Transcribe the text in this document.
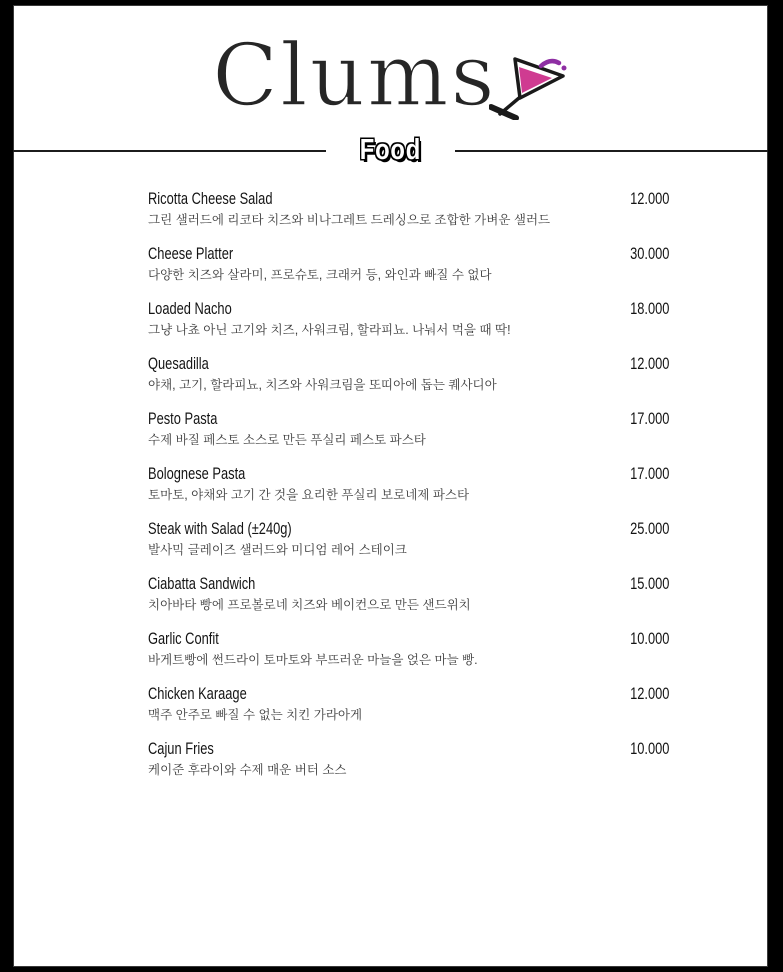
Clums
Food
Ricotta Cheese Salad	12.000
그린 샐러드에 리코타 치즈와 비나그레트 드레싱으로 조합한 가벼운 샐러드
Cheese Platter	30.000
다양한 치즈와 살라미, 프로슈토, 크래커 등, 와인과 빠질 수 없다
Loaded Nacho	18.000
그냥 나쵸 아닌 고기와 치즈, 사워크림, 할라피뇨. 나눠서 먹을 때 딱!
Quesadilla	12.000
야채, 고기, 할라피뇨, 치즈와 사워크림을 또띠아에 돕는 퀘사디아
Pesto Pasta	17.000
수제 바질 페스토 소스로 만든 푸실리 페스토 파스타
Bolognese Pasta	17.000
토마토, 야채와 고기 간 것을 요리한 푸실리 보로네제 파스타
Steak with Salad (±240g)	25.000
발사믹 글레이즈 샐러드와 미디엄 레어 스테이크
Ciabatta Sandwich	15.000
치아바타 빵에 프로볼로네 치즈와 베이컨으로 만든 샌드위치
Garlic Confit	10.000
바게트빵에 썬드라이 토마토와 부뜨러운 마늘을 얹은 마늘 빵.
Chicken Karaage	12.000
맥주 안주로 빠질 수 없는 치킨 가라아게
Cajun Fries	10.000
케이준 후라이와 수제 매운 버터 소스
